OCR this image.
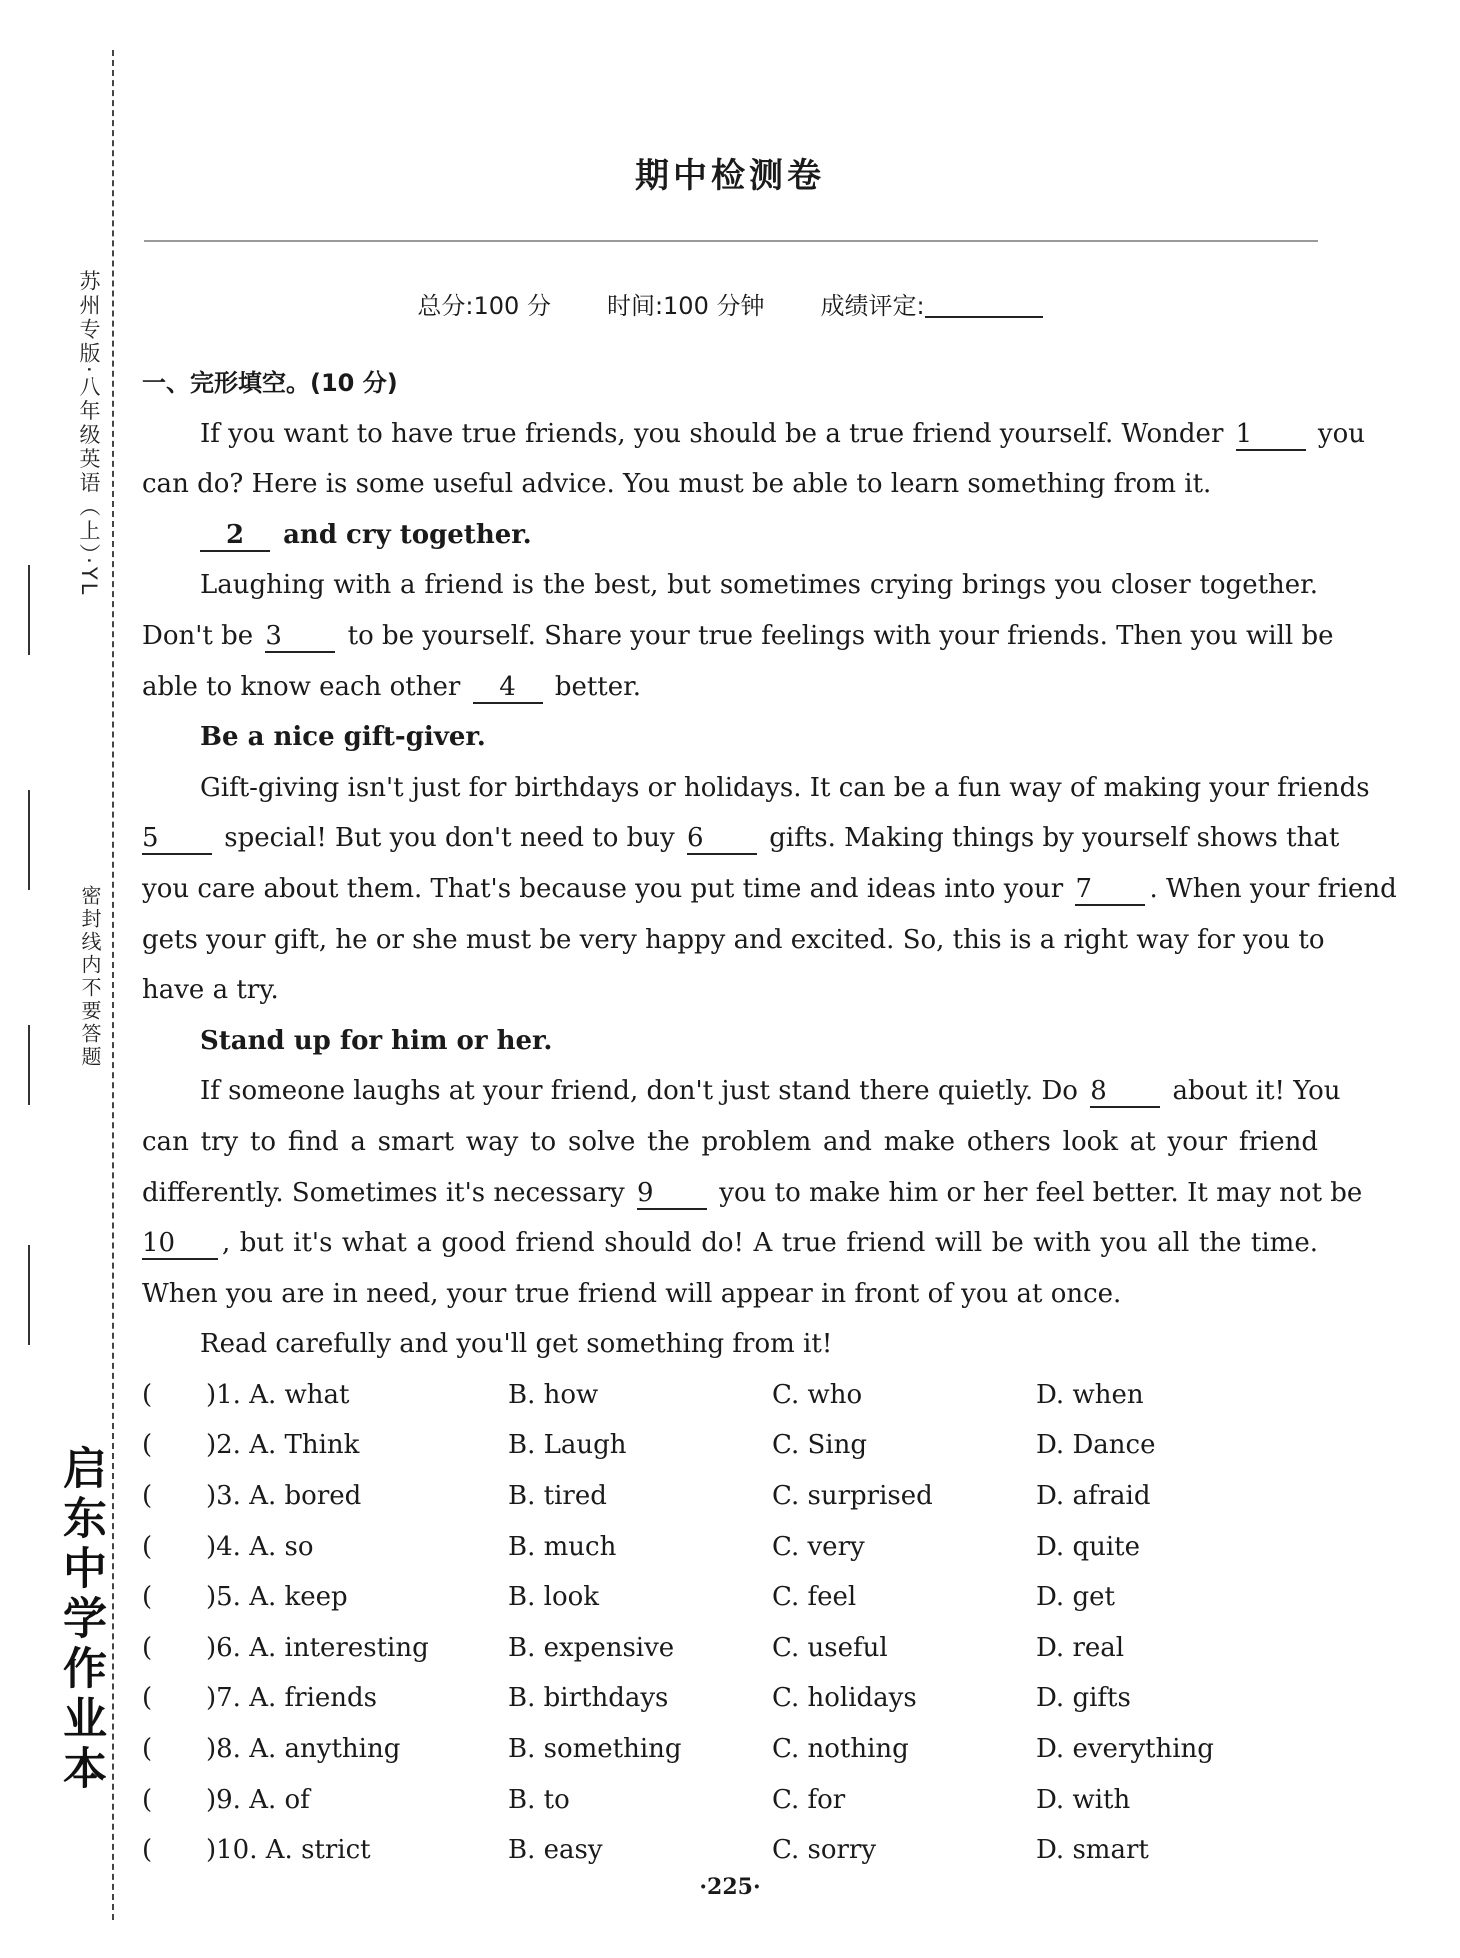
苏州专版·八年级英语（上）·YL
密封线内不要答题
启东中学作业本
期中检测卷
总分:100 分 时间:100 分钟 成绩评定:
一、完形填空。(10 分)
If you want to have true friends, you should be a true friend yourself. Wonder 1	you
can do? Here is some useful advice. You must be able to learn something from it.
2 and cry together.
Laughing with a friend is the best, but sometimes crying brings you closer together.
Don't be 3	to be yourself. Share your true feelings with your friends. Then you will be
able to know each other 4 better.
Be a nice gift-giver.
Gift-giving isn't just for birthdays or holidays. It can be a fun way of making your friends
5	special! But you don't need to buy 6	gifts. Making things by yourself shows that
you care about them. That's because you put time and ideas into your 7 . When your friend
gets your gift, he or she must be very happy and excited. So, this is a right way for you to
have a try.
Stand up for him or her.
If someone laughs at your friend, don't just stand there quietly. Do 8	about it! You
can try to find a smart way to solve the problem and make others look at your friend
differently. Sometimes it's necessary 9	you to make him or her feel better. It may not be
10 , but it's what a good friend should do! A true friend will be with you all the time.
When you are in need, your true friend will appear in front of you at once.
Read carefully and you'll get something from it!
(	)1. A. what	B. how	C. who	D. when
(	)2. A. Think	B. Laugh	C. Sing	D. Dance
(	)3. A. bored	B. tired	C. surprised	D. afraid
(	)4. A. so	B. much	C. very	D. quite
(	)5. A. keep	B. look	C. feel	D. get
(	)6. A. interesting	B. expensive	C. useful	D. real
(	)7. A. friends	B. birthdays	C. holidays	D. gifts
(	)8. A. anything	B. something	C. nothing	D. everything
(	)9. A. of	B. to	C. for	D. with
(	)10. A. strict	B. easy	C. sorry	D. smart
·225·
